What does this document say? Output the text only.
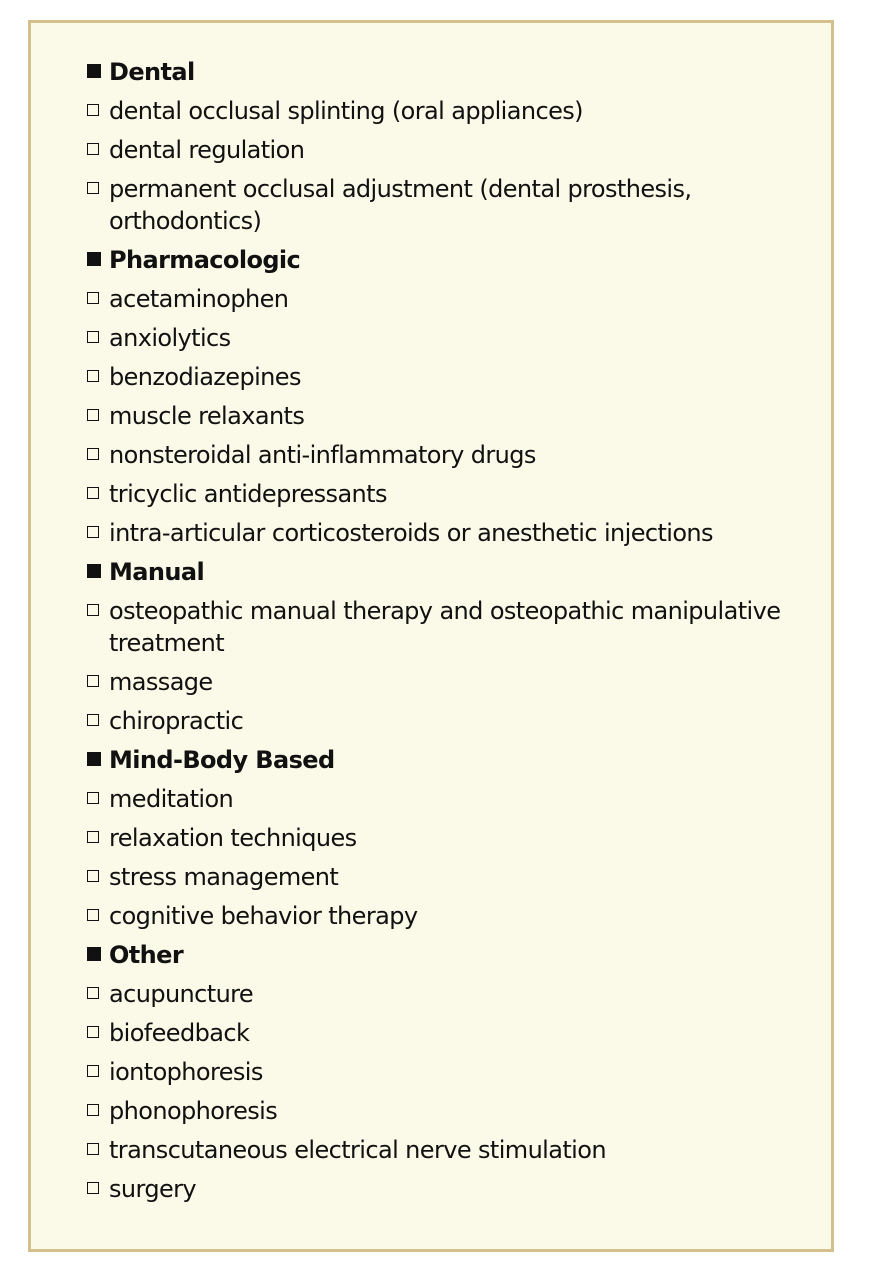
Dental
dental occlusal splinting (oral appliances)
dental regulation
permanent occlusal adjustment (dental prosthesis, orthodontics)
Pharmacologic
acetaminophen
anxiolytics
benzodiazepines
muscle relaxants
nonsteroidal anti-inflammatory drugs
tricyclic antidepressants
intra-articular corticosteroids or anesthetic injections
Manual
osteopathic manual therapy and osteopathic manipulative treatment
massage
chiropractic
Mind-Body Based
meditation
relaxation techniques
stress management
cognitive behavior therapy
Other
acupuncture
biofeedback
iontophoresis
phonophoresis
transcutaneous electrical nerve stimulation
surgery
